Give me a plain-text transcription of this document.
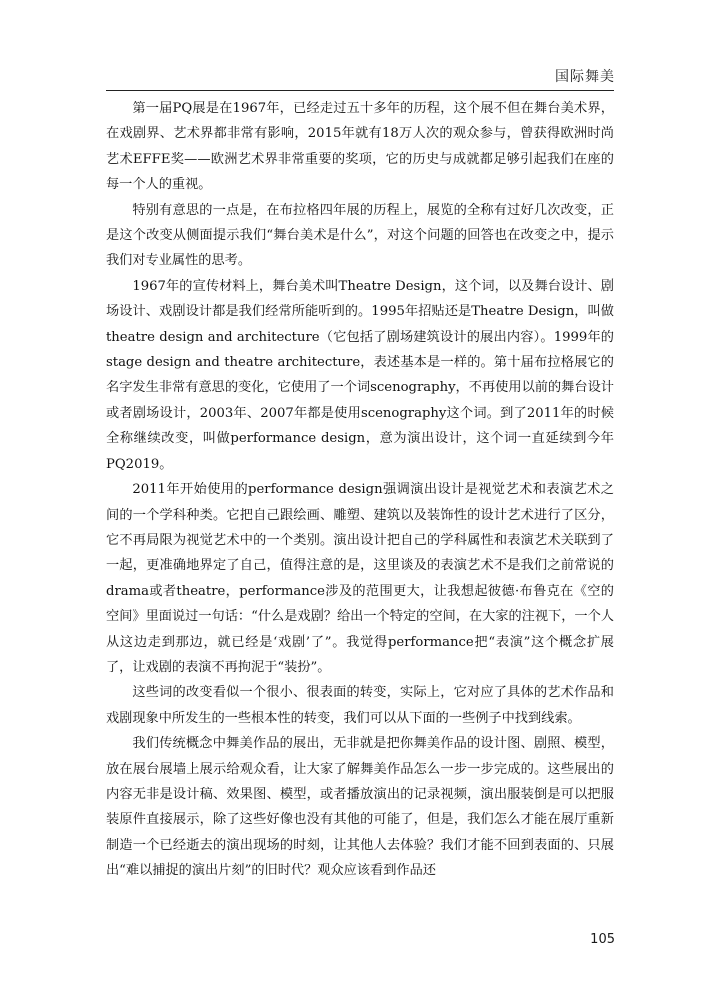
国际舞美

第一届PQ展是在1967年，已经走过五十多年的历程，这个展不但在舞台美术界，在戏剧界、艺术界都非常有影响，2015年就有18万人次的观众参与，曾获得欧洲时尚艺术EFFE奖——欧洲艺术界非常重要的奖项，它的历史与成就都足够引起我们在座的每一个人的重视。

特别有意思的一点是，在布拉格四年展的历程上，展览的全称有过好几次改变，正是这个改变从侧面提示我们“舞台美术是什么”，对这个问题的回答也在改变之中，提示我们对专业属性的思考。

1967年的宣传材料上，舞台美术叫Theatre Design，这个词，以及舞台设计、剧场设计、戏剧设计都是我们经常所能听到的。1995年招贴还是Theatre Design，叫做theatre design and architecture（它包括了剧场建筑设计的展出内容）。1999年的stage design and theatre architecture，表述基本是一样的。第十届布拉格展它的名字发生非常有意思的变化，它使用了一个词scenography，不再使用以前的舞台设计或者剧场设计，2003年、2007年都是使用scenography这个词。到了2011年的时候全称继续改变，叫做performance design，意为演出设计，这个词一直延续到今年PQ2019。

2011年开始使用的performance design强调演出设计是视觉艺术和表演艺术之间的一个学科种类。它把自己跟绘画、雕塑、建筑以及装饰性的设计艺术进行了区分，它不再局限为视觉艺术中的一个类别。演出设计把自己的学科属性和表演艺术关联到了一起，更准确地界定了自己，值得注意的是，这里谈及的表演艺术不是我们之前常说的drama或者theatre，performance涉及的范围更大，让我想起彼德·布鲁克在《空的空间》里面说过一句话：“什么是戏剧？给出一个特定的空间，在大家的注视下，一个人从这边走到那边，就已经是‘戏剧’了”。我觉得performance把“表演”这个概念扩展了，让戏剧的表演不再拘泥于“装扮”。

这些词的改变看似一个很小、很表面的转变，实际上，它对应了具体的艺术作品和戏剧现象中所发生的一些根本性的转变，我们可以从下面的一些例子中找到线索。

我们传统概念中舞美作品的展出，无非就是把你舞美作品的设计图、剧照、模型，放在展台展墙上展示给观众看，让大家了解舞美作品怎么一步一步完成的。这些展出的内容无非是设计稿、效果图、模型，或者播放演出的记录视频，演出服装倒是可以把服装原件直接展示，除了这些好像也没有其他的可能了，但是，我们怎么才能在展厅重新制造一个已经逝去的演出现场的时刻，让其他人去体验？我们才能不回到表面的、只展出“难以捕捉的演出片刻”的旧时代？观众应该看到作品还

105
